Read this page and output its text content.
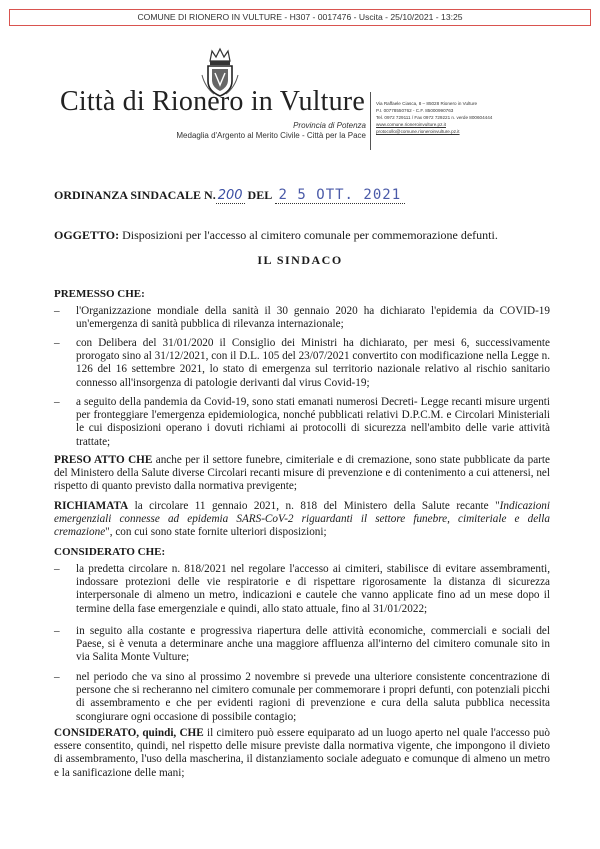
COMUNE DI RIONERO IN VULTURE - H307 - 0017476 - Uscita - 25/10/2021 - 13:25
Città di Rionero in Vulture Via Raffaele Ciasca, 8 – 85028 Rionero in Vulture
P.I. 00778550762 - C.F. 85000990763
Tel. 0972 729111 / Fax 0972 729221 n. verde 800604444
www.comune.rioneroinvulture.pz.it
protocollo@comune.rioneroinvulture.pz.it
Provincia di Potenza
Medaglia d'Argento al Merito Civile - Città per la Pace
ORDINANZA SINDACALE N. 200 DEL 2 5 OTT. 2021
OGGETTO: Disposizioni per l'accesso al cimitero comunale per commemorazione defunti.
IL SINDACO
PREMESSO CHE:
– l'Organizzazione mondiale della sanità il 30 gennaio 2020 ha dichiarato l'epidemia da COVID-19 un'emergenza di sanità pubblica di rilevanza internazionale;
– con Delibera del 31/01/2020 il Consiglio dei Ministri ha dichiarato, per mesi 6, successivamente prorogato sino al 31/12/2021, con il D.L. 105 del 23/07/2021 convertito con modificazione nella Legge n. 126 del 16 settembre 2021, lo stato di emergenza sul territorio nazionale relativo al rischio sanitario connesso all'insorgenza di patologie derivanti dal virus Covid-19;
– a seguito della pandemia da Covid-19, sono stati emanati numerosi Decreti- Legge recanti misure urgenti per fronteggiare l'emergenza epidemiologica, nonché pubblicati relativi D.P.C.M. e Circolari Ministeriali le cui disposizioni operano i dovuti richiami ai protocolli di sicurezza nell'ambito delle varie attività trattate;
PRESO ATTO CHE anche per il settore funebre, cimiteriale e di cremazione, sono state pubblicate da parte del Ministero della Salute diverse Circolari recanti misure di prevenzione e di contenimento a cui attenersi, nel rispetto di quanto previsto dalla normativa previgente;
RICHIAMATA la circolare 11 gennaio 2021, n. 818 del Ministero della Salute recante "Indicazioni emergenziali connesse ad epidemia SARS-CoV-2 riguardanti il settore funebre, cimiteriale e della cremazione", con cui sono state fornite ulteriori disposizioni;
CONSIDERATO CHE:
– la predetta circolare n. 818/2021 nel regolare l'accesso ai cimiteri, stabilisce di evitare assembramenti, indossare protezioni delle vie respiratorie e di rispettare rigorosamente la distanza di sicurezza interpersonale di almeno un metro, indicazioni e cautele che vanno applicate fino ad un mese dopo il termine della fase emergenziale e quindi, allo stato attuale, fino al 31/01/2022;
– in seguito alla costante e progressiva riapertura delle attività economiche, commerciali e sociali del Paese, si è venuta a determinare anche una maggiore affluenza all'interno del cimitero comunale sito in via Salita Monte Vulture;
– nel periodo che va sino al prossimo 2 novembre si prevede una ulteriore consistente concentrazione di persone che si recheranno nel cimitero comunale per commemorare i propri defunti, con potenziali picchi di assembramento e che per evidenti ragioni di prevenzione e cura della saluta pubblica necessita scongiurare ogni occasione di possibile contagio;
CONSIDERATO, quindi, CHE il cimitero può essere equiparato ad un luogo aperto nel quale l'accesso può essere consentito, quindi, nel rispetto delle misure previste dalla normativa vigente, che impongono il divieto di assembramento, l'uso della mascherina, il distanziamento sociale adeguato e comunque di almeno un metro e la sanificazione delle mani;
